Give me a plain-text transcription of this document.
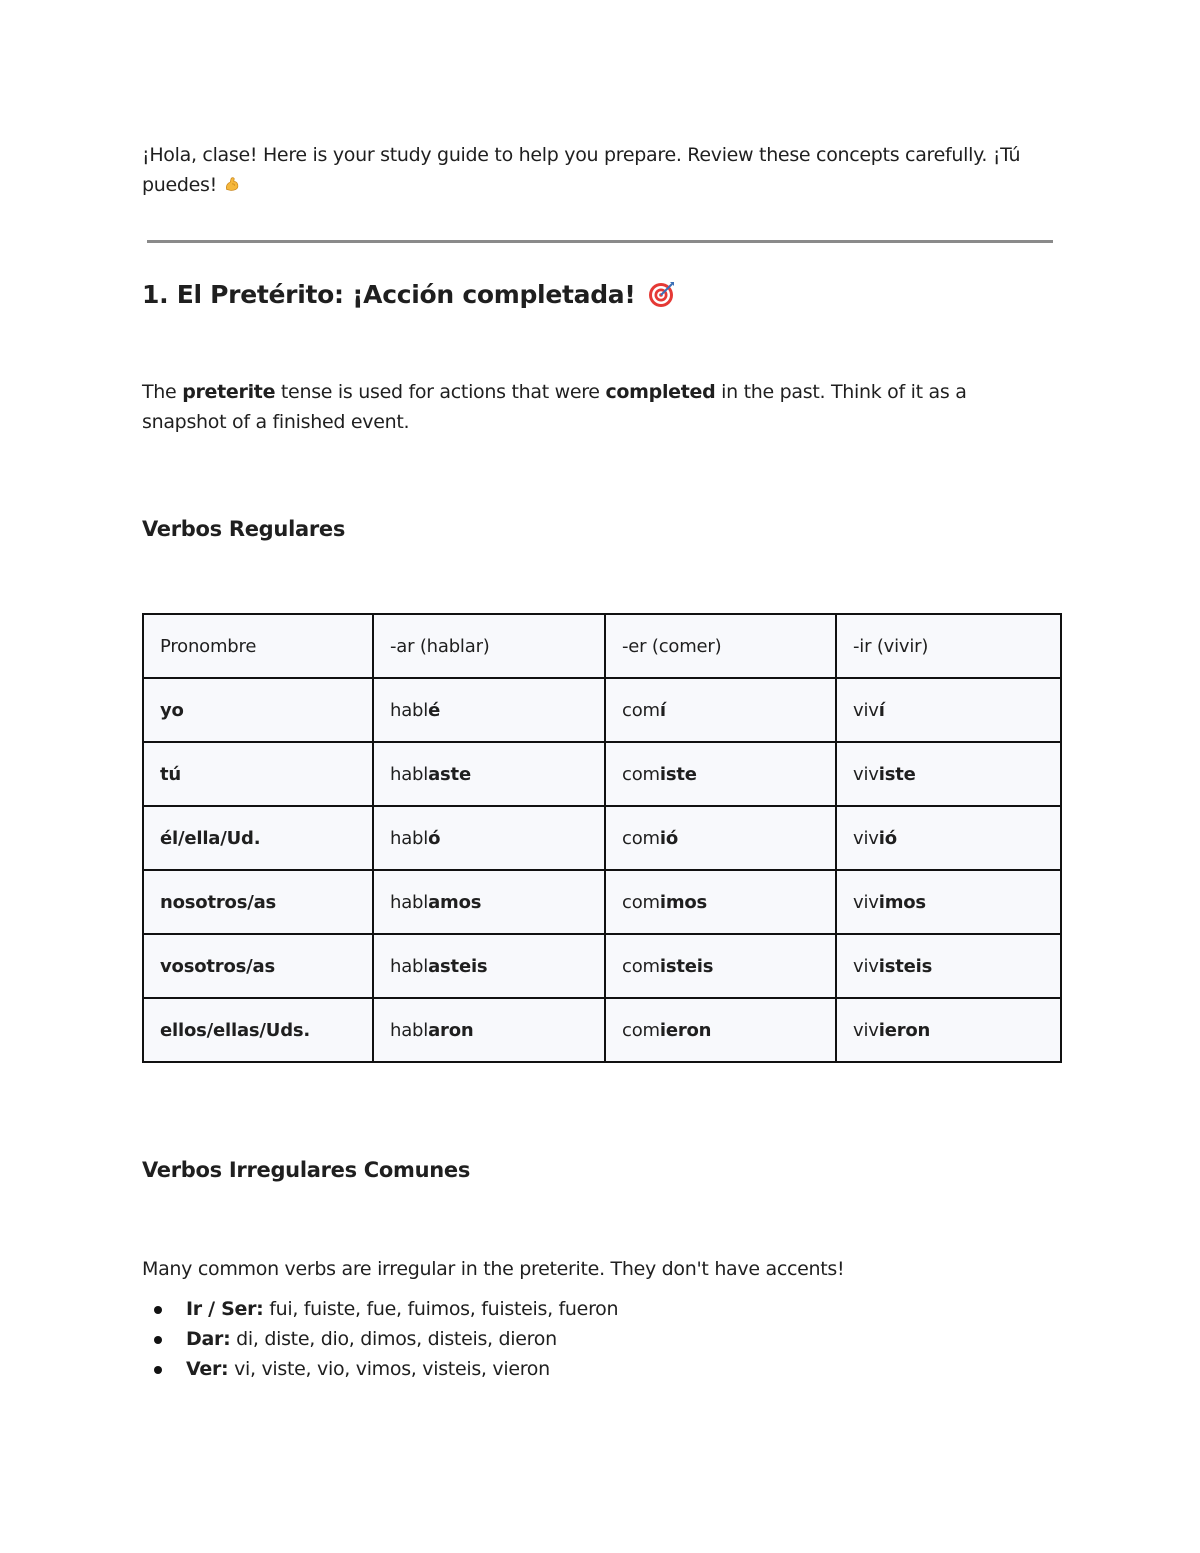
¡Hola, clase! Here is your study guide to help you prepare. Review these concepts carefully. ¡Tú puedes!
1. El Pretérito: ¡Acción completada!
The preterite tense is used for actions that were completed in the past. Think of it as a snapshot of a finished event.
Verbos Regulares
Pronombre	-ar (hablar)	-er (comer)	-ir (vivir)
yo	hablé	comí	viví
tú	hablaste	comiste	viviste
él/ella/Ud.	habló	comió	vivió
nosotros/as	hablamos	comimos	vivimos
vosotros/as	hablasteis	comisteis	vivisteis
ellos/ellas/Uds.	hablaron	comieron	vivieron
Verbos Irregulares Comunes
Many common verbs are irregular in the preterite. They don't have accents!
Ir / Ser: fui, fuiste, fue, fuimos, fuisteis, fueron
Dar: di, diste, dio, dimos, disteis, dieron
Ver: vi, viste, vio, vimos, visteis, vieron
